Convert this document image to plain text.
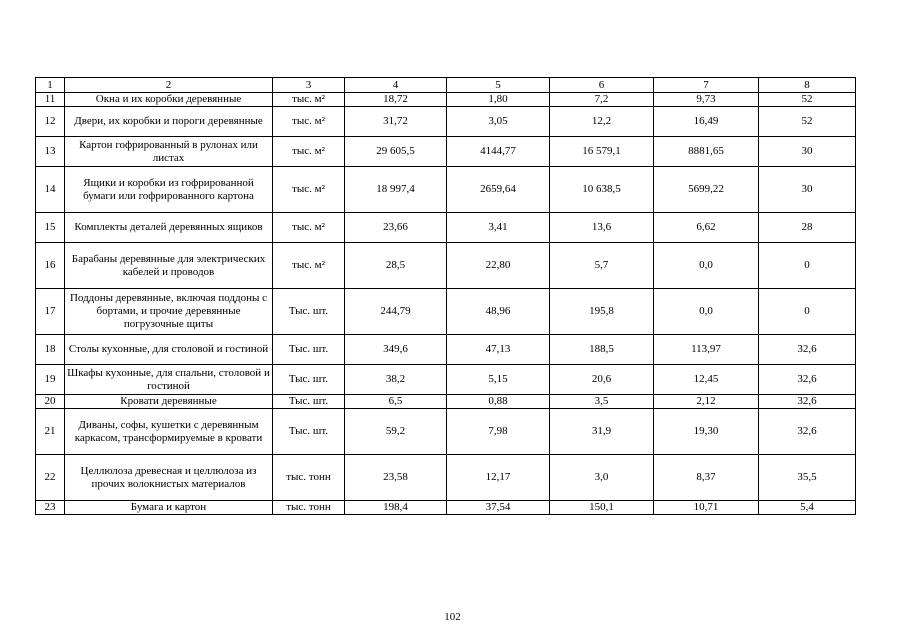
1	2	3	4	5	6	7	8
11	Окна и их коробки деревянные	тыс. м²	18,72	1,80	7,2	9,73	52
12	Двери, их коробки и пороги деревянные	тыс. м²	31,72	3,05	12,2	16,49	52
13	Картон гофрированный в рулонах или листах	тыс. м²	29 605,5	4144,77	16 579,1	8881,65	30
14	Ящики и коробки из гофрированной бумаги или гофрированного картона	тыс. м²	18 997,4	2659,64	10 638,5	5699,22	30
15	Комплекты деталей деревянных ящиков	тыс. м²	23,66	3,41	13,6	6,62	28
16	Барабаны деревянные для электрических кабелей и проводов	тыс. м²	28,5	22,80	5,7	0,0	0
17	Поддоны деревянные, включая поддоны с бортами, и прочие деревянные погрузочные щиты	Тыс. шт.	244,79	48,96	195,8	0,0	0
18	Столы кухонные, для столовой и гостиной	Тыс. шт.	349,6	47,13	188,5	113,97	32,6
19	Шкафы кухонные, для спальни, столовой и гостиной	Тыс. шт.	38,2	5,15	20,6	12,45	32,6
20	Кровати деревянные	Тыс. шт.	6,5	0,88	3,5	2,12	32,6
21	Диваны, софы, кушетки с деревянным каркасом, трансформируемые в кровати	Тыс. шт.	59,2	7,98	31,9	19,30	32,6
22	Целлюлоза древесная и целлюлоза из прочих волокнистых материалов	тыс. тонн	23,58	12,17	3,0	8,37	35,5
23	Бумага и картон	тыс. тонн	198,4	37,54	150,1	10,71	5,4
102
